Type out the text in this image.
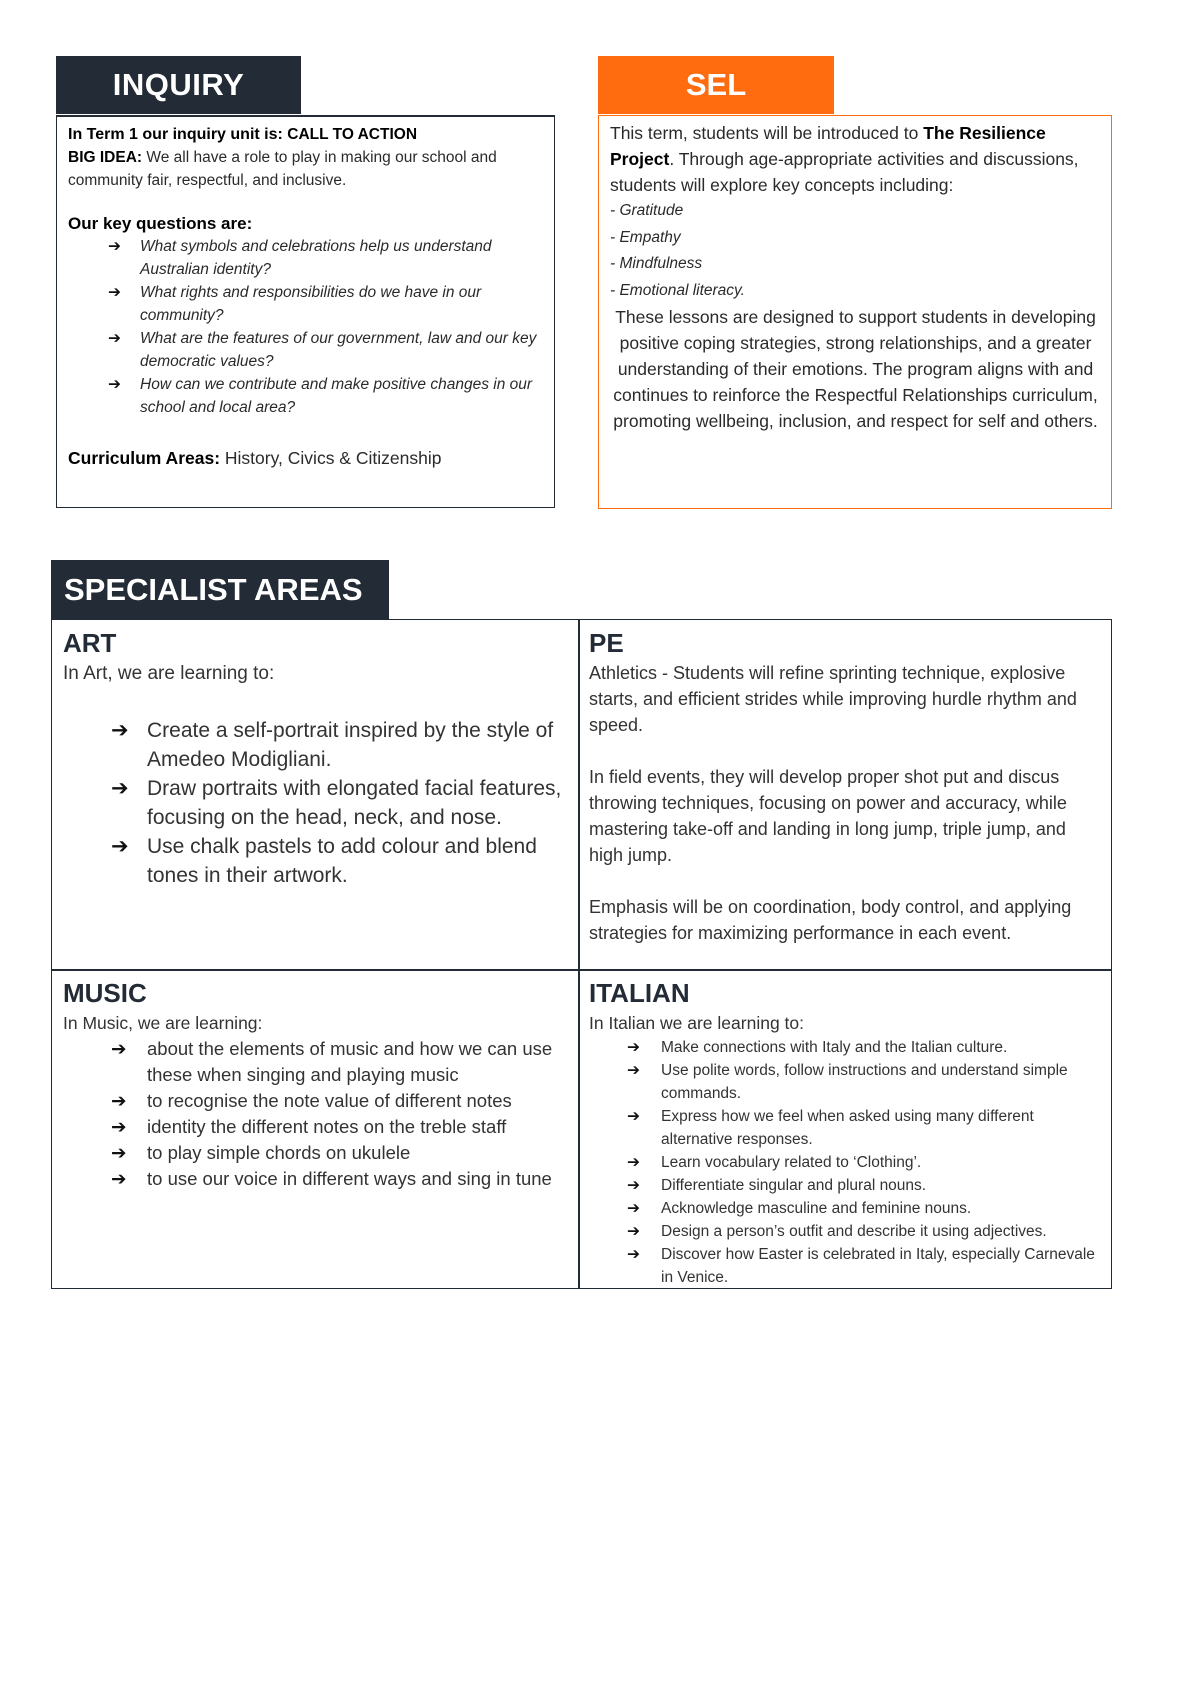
INQUIRY
In Term 1 our inquiry unit is: CALL TO ACTION
BIG IDEA: We all have a role to play in making our school and community fair, respectful, and inclusive.
Our key questions are:
➔ What symbols and celebrations help us understand Australian identity?
➔ What rights and responsibilities do we have in our community?
➔ What are the features of our government, law and our key democratic values?
➔ How can we contribute and make positive changes in our school and local area?
Curriculum Areas: History, Civics & Citizenship
SEL
This term, students will be introduced to The Resilience Project. Through age-appropriate activities and discussions, students will explore key concepts including:
- Gratitude
- Empathy
- Mindfulness
- Emotional literacy.
These lessons are designed to support students in developing positive coping strategies, strong relationships, and a greater understanding of their emotions. The program aligns with and continues to reinforce the Respectful Relationships curriculum, promoting wellbeing, inclusion, and respect for self and others.
SPECIALIST AREAS
ART
In Art, we are learning to:
➔ Create a self-portrait inspired by the style of Amedeo Modigliani.
➔ Draw portraits with elongated facial features, focusing on the head, neck, and nose.
➔ Use chalk pastels to add colour and blend tones in their artwork.
PE

Athletics - Students will refine sprinting technique, explosive starts, and efficient strides while improving hurdle rhythm and speed.

In field events, they will develop proper shot put and discus throwing techniques, focusing on power and accuracy, while mastering take-off and landing in long jump, triple jump, and high jump.

Emphasis will be on coordination, body control, and applying strategies for maximizing performance in each event.

MUSIC
In Music, we are learning:
➔ about the elements of music and how we can use these when singing and playing music
➔ to recognise the note value of different notes
➔ identity the different notes on the treble staff
➔ to play simple chords on ukulele
➔ to use our voice in different ways and sing in tune
ITALIAN
In Italian we are learning to:
➔ Make connections with Italy and the Italian culture.
➔ Use polite words, follow instructions and understand simple commands.
➔ Express how we feel when asked using many different alternative responses.
➔ Learn vocabulary related to ‘Clothing’.
➔ Differentiate singular and plural nouns.
➔ Acknowledge masculine and feminine nouns.
➔ Design a person’s outfit and describe it using adjectives.
➔ Discover how Easter is celebrated in Italy, especially Carnevale in Venice.
